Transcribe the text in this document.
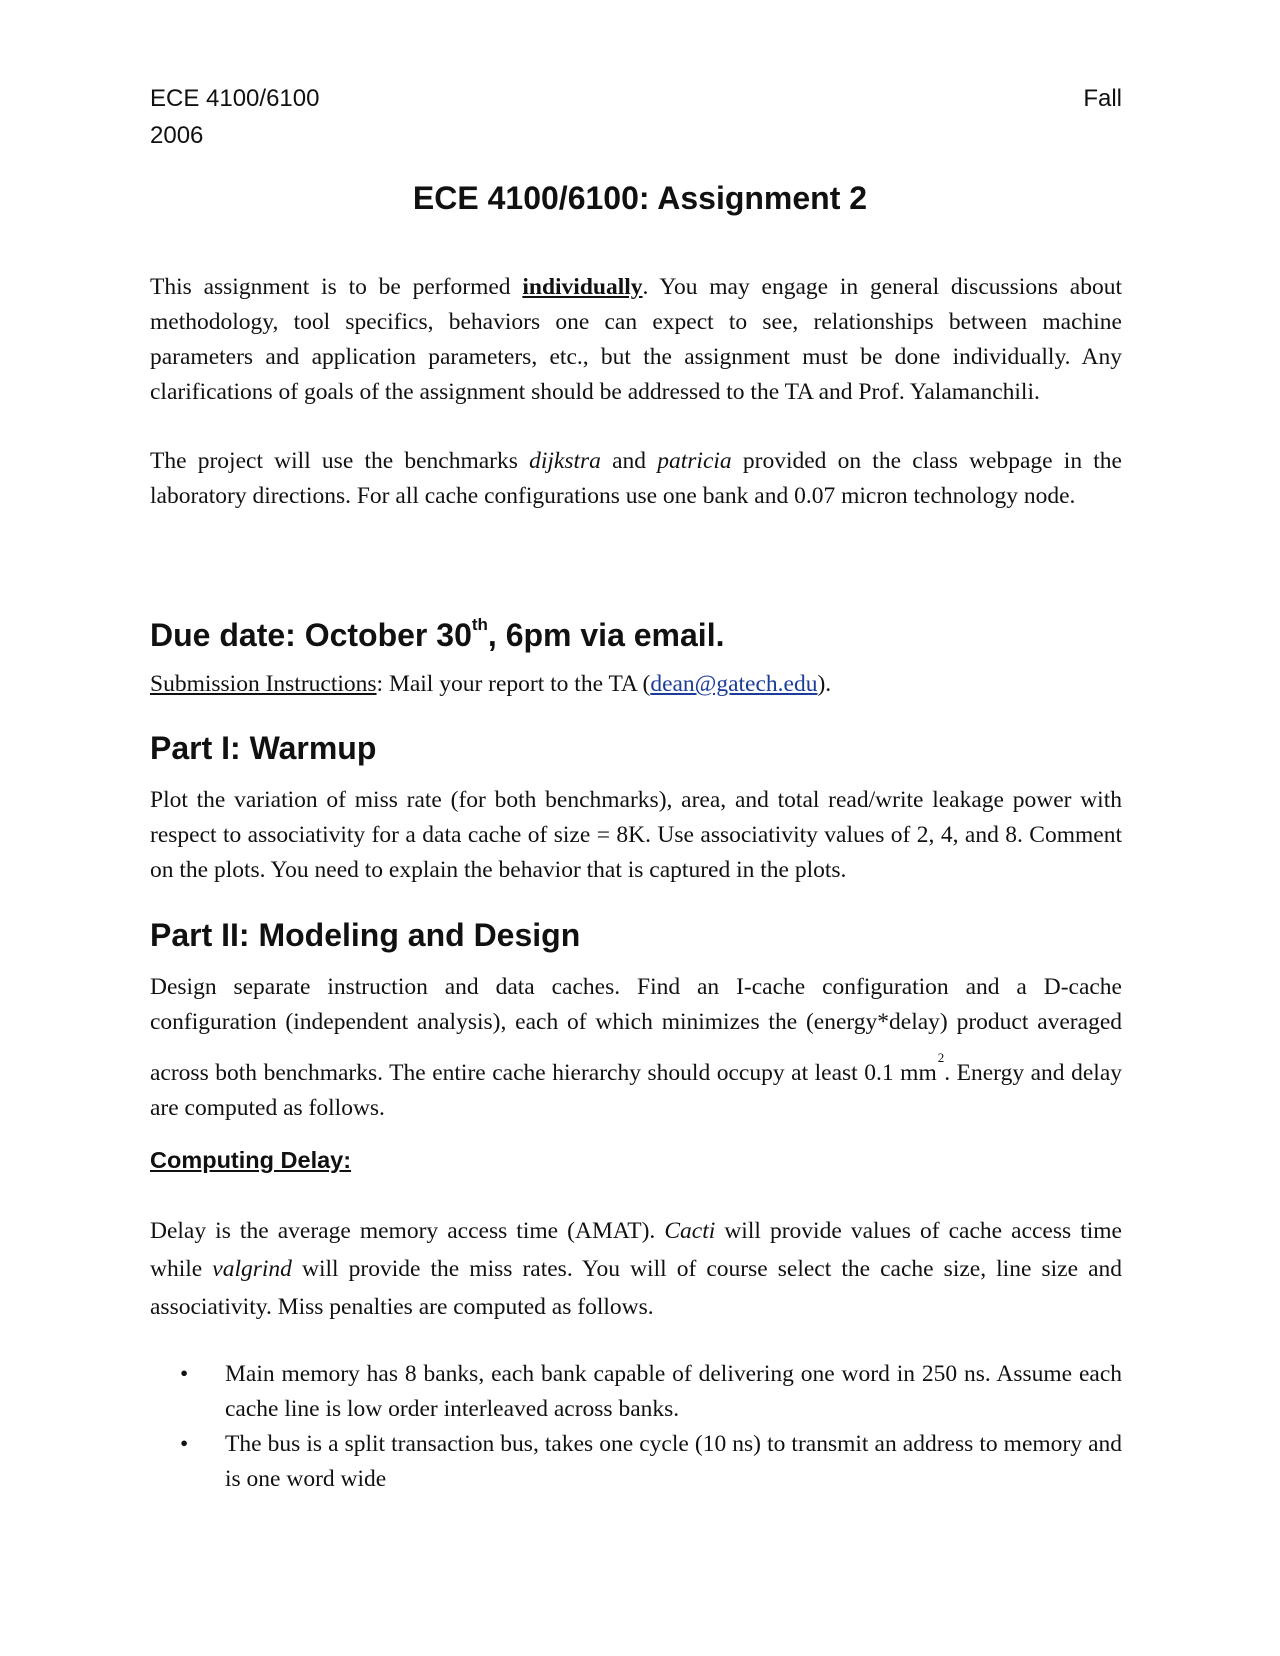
ECE 4100/6100
2006
Fall
ECE 4100/6100: Assignment 2

This assignment is to be performed individually. You may engage in general discussions about methodology, tool specifics, behaviors one can expect to see, relationships between machine parameters and application parameters, etc., but the assignment must be done individually. Any clarifications of goals of the assignment should be addressed to the TA and Prof. Yalamanchili.

The project will use the benchmarks dijkstra and patricia provided on the class webpage in the laboratory directions. For all cache configurations use one bank and 0.07 micron technology node.

Due date: October 30th, 6pm via email.
Submission Instructions: Mail your report to the TA (dean@gatech.edu).
Part I: Warmup

Plot the variation of miss rate (for both benchmarks), area, and total read/write leakage power with respect to associativity for a data cache of size = 8K. Use associativity values of 2, 4, and 8. Comment on the plots. You need to explain the behavior that is captured in the plots.

Part II: Modeling and Design

Design separate instruction and data caches. Find an I-cache configuration and a D-cache configuration (independent analysis), each of which minimizes the (energy*delay) product averaged across both benchmarks. The entire cache hierarchy should occupy at least 0.1 $mm^2$. Energy and delay are computed as follows.

Computing Delay:

Delay is the average memory access time (AMAT). Cacti will provide values of cache access time while valgrind will provide the miss rates. You will of course select the cache size, line size and associativity. Miss penalties are computed as follows.

• Main memory has 8 banks, each bank capable of delivering one word in 250 ns. Assume each cache line is low order interleaved across banks.
• The bus is a split transaction bus, takes one cycle (10 ns) to transmit an address to memory and is one word wide
